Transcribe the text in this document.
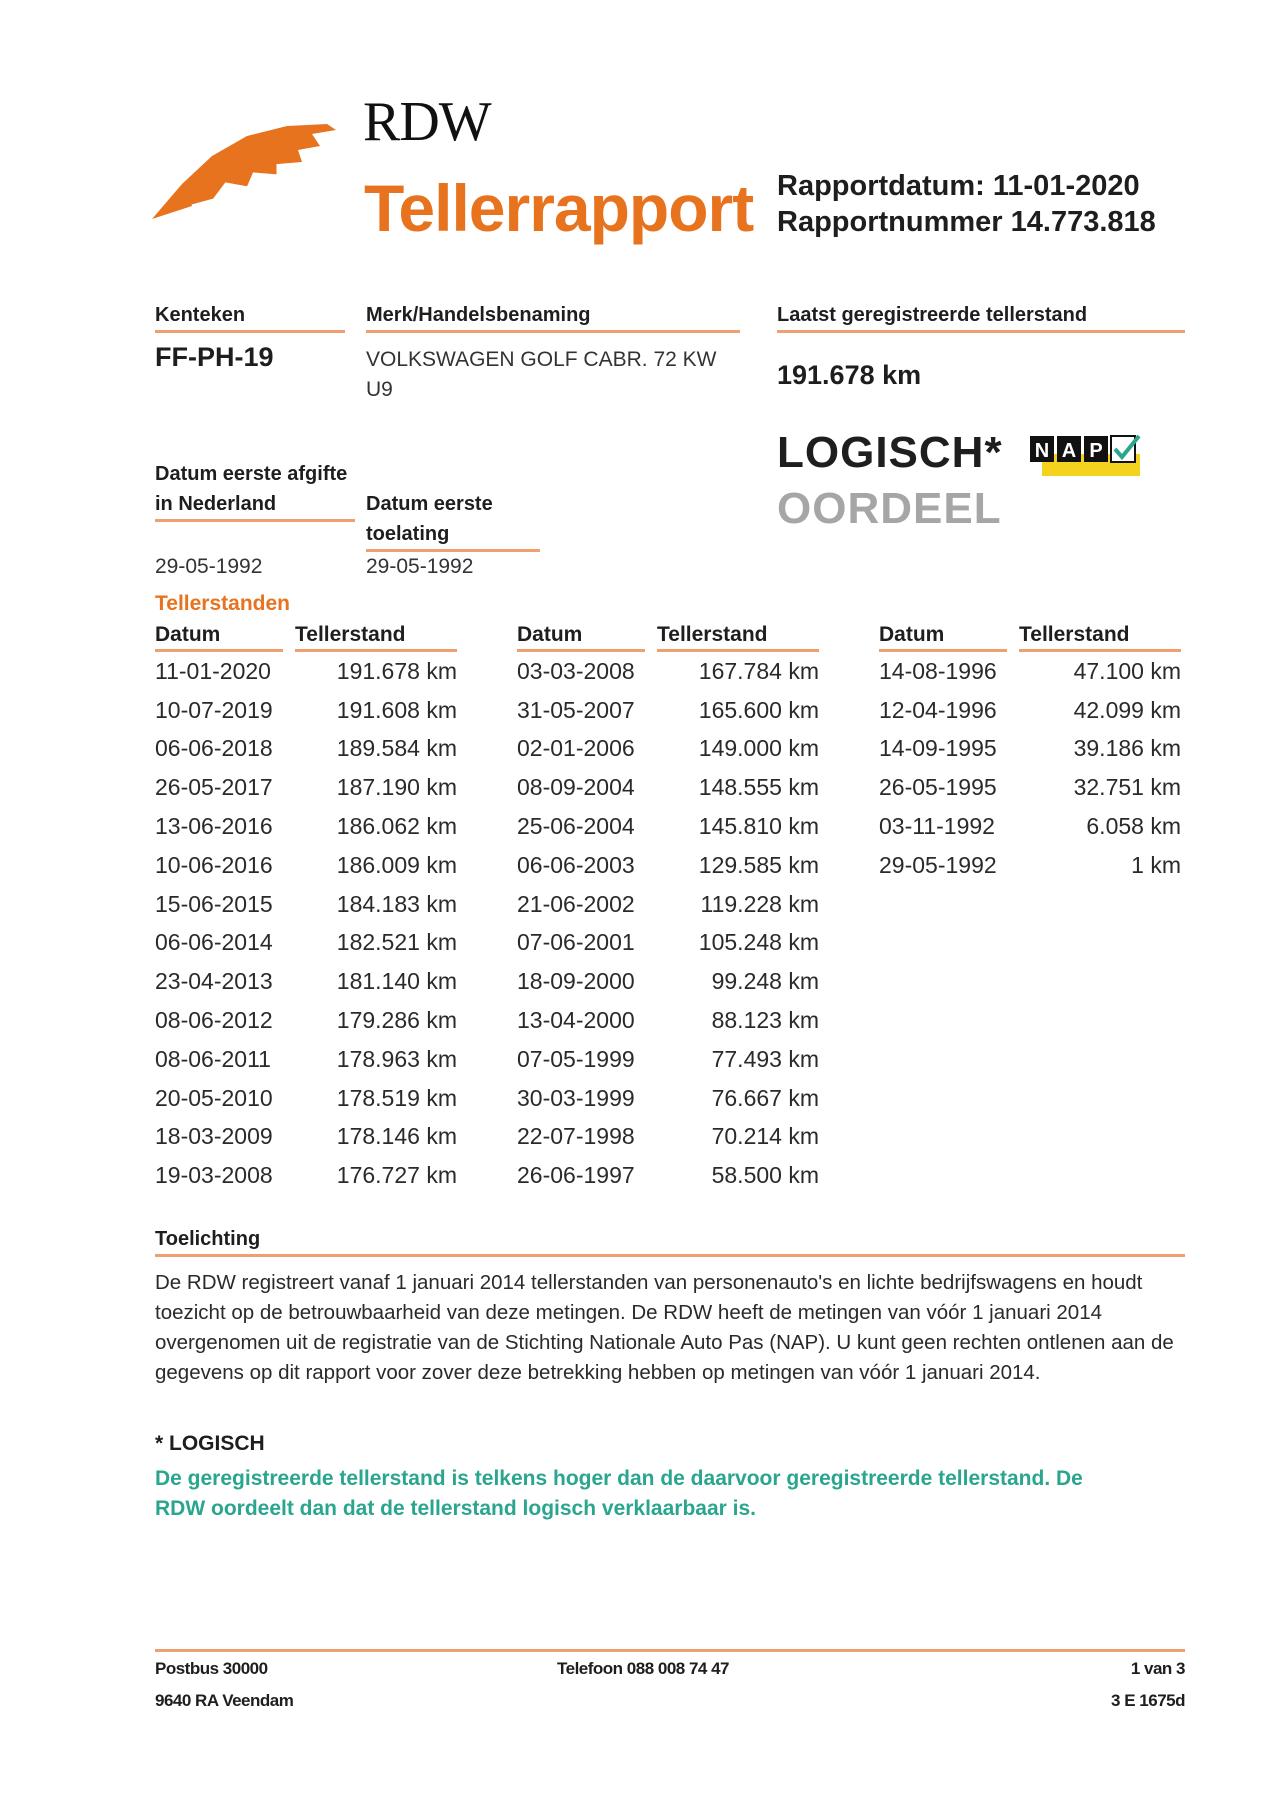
RDW
Tellerrapport Rapportdatum: 11-01-2020
Rapportnummer 14.773.818
Kenteken
FF-PH-19
Merk/Handelsbenaming
VOLKSWAGEN GOLF CABR. 72 KW U9
Laatst geregistreerde tellerstand
191.678 km
Datum eerste afgifte in Nederland
29-05-1992
Datum eerste toelating
29-05-1992
LOGISCH*
OORDEEL
N A P
Tellerstanden
Datum	Tellerstand
11-01-2020	191.678 km
10-07-2019	191.608 km
06-06-2018	189.584 km
26-05-2017	187.190 km
13-06-2016	186.062 km
10-06-2016	186.009 km
15-06-2015	184.183 km
06-06-2014	182.521 km
23-04-2013	181.140 km
08-06-2012	179.286 km
08-06-2011	178.963 km
20-05-2010	178.519 km
18-03-2009	178.146 km
19-03-2008	176.727 km
Datum	Tellerstand
03-03-2008	167.784 km
31-05-2007	165.600 km
02-01-2006	149.000 km
08-09-2004	148.555 km
25-06-2004	145.810 km
06-06-2003	129.585 km
21-06-2002	119.228 km
07-06-2001	105.248 km
18-09-2000	99.248 km
13-04-2000	88.123 km
07-05-1999	77.493 km
30-03-1999	76.667 km
22-07-1998	70.214 km
26-06-1997	58.500 km
Datum	Tellerstand
14-08-1996	47.100 km
12-04-1996	42.099 km
14-09-1995	39.186 km
26-05-1995	32.751 km
03-11-1992	6.058 km
29-05-1992	1 km
Toelichting
De RDW registreert vanaf 1 januari 2014 tellerstanden van personenauto's en lichte bedrijfswagens en houdt toezicht op de betrouwbaarheid van deze metingen. De RDW heeft de metingen van vóór 1 januari 2014 overgenomen uit de registratie van de Stichting Nationale Auto Pas (NAP). U kunt geen rechten ontlenen aan de gegevens op dit rapport voor zover deze betrekking hebben op metingen van vóór 1 januari 2014.
* LOGISCH
De geregistreerde tellerstand is telkens hoger dan de daarvoor geregistreerde tellerstand. De RDW oordeelt dan dat de tellerstand logisch verklaarbaar is.
Postbus 30000
9640 RA Veendam
Telefoon 088 008 74 47	1 van 3
3 E 1675d
